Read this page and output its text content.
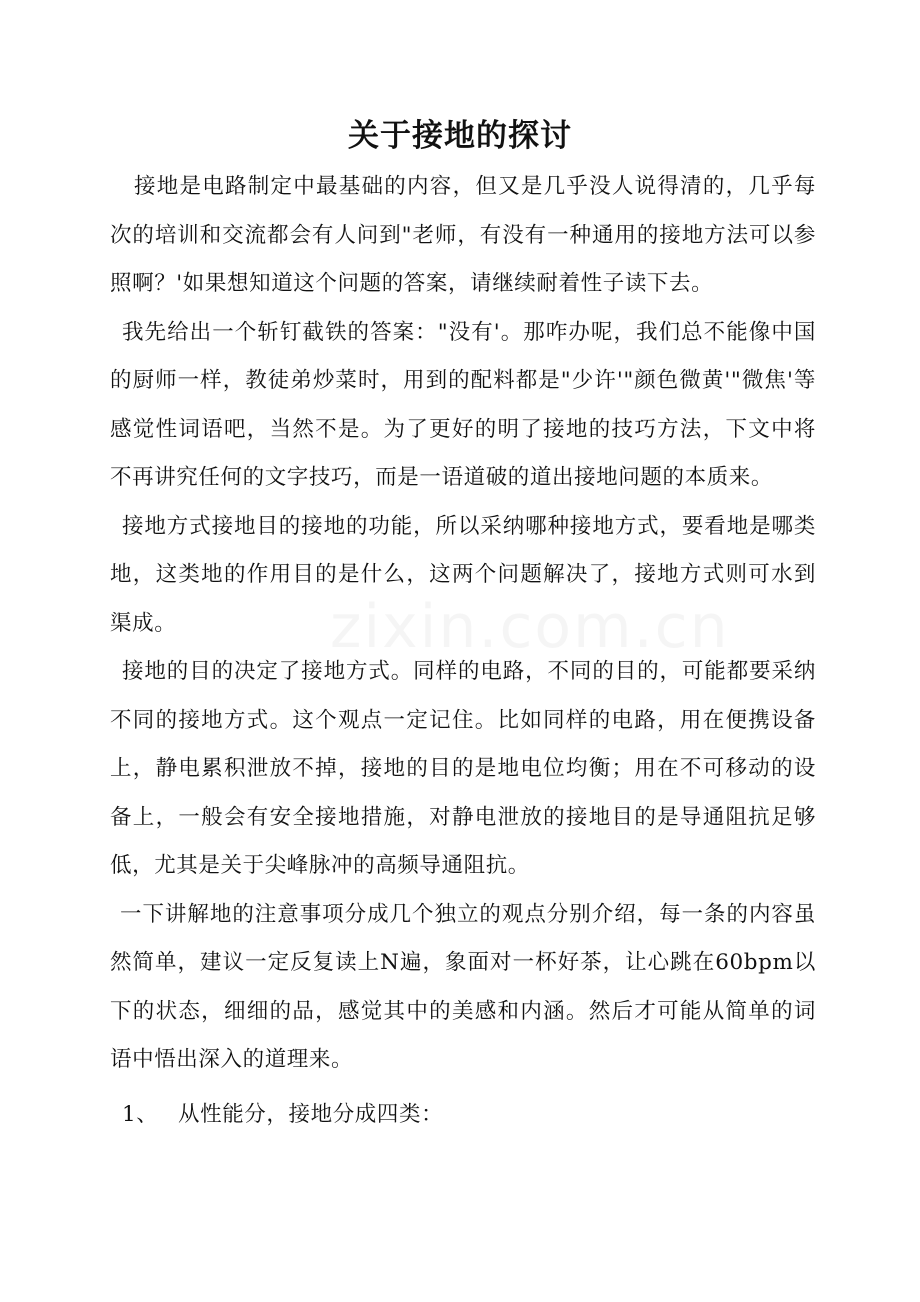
zixin.com.cn
关于接地的探讨

接地是电路制定中最基础的内容，但又是几乎没人说得清的，几乎每次的培训和交流都会有人问到"老师，有没有一种通用的接地方法可以参照啊？'如果想知道这个问题的答案，请继续耐着性子读下去。

我先给出一个斩钉截铁的答案："没有'。那咋办呢，我们总不能像中国的厨师一样，教徒弟炒菜时，用到的配料都是"少许'"颜色微黄'"微焦'等感觉性词语吧，当然不是。为了更好的明了接地的技巧方法，下文中将不再讲究任何的文字技巧，而是一语道破的道出接地问题的本质来。

接地方式接地目的接地的功能，所以采纳哪种接地方式，要看地是哪类地，这类地的作用目的是什么，这两个问题解决了，接地方式则可水到渠成。

接地的目的决定了接地方式。同样的电路，不同的目的，可能都要采纳不同的接地方式。这个观点一定记住。比如同样的电路，用在便携设备上，静电累积泄放不掉，接地的目的是地电位均衡；用在不可移动的设备上，一般会有安全接地措施，对静电泄放的接地目的是导通阻抗足够低，尤其是关于尖峰脉冲的高频导通阻抗。

一下讲解地的注意事项分成几个独立的观点分别介绍，每一条的内容虽然简单，建议一定反复读上N遍，象面对一杯好茶，让心跳在60bpm以下的状态，细细的品，感觉其中的美感和内涵。然后才可能从简单的词语中悟出深入的道理来。

1、 从性能分，接地分成四类：
